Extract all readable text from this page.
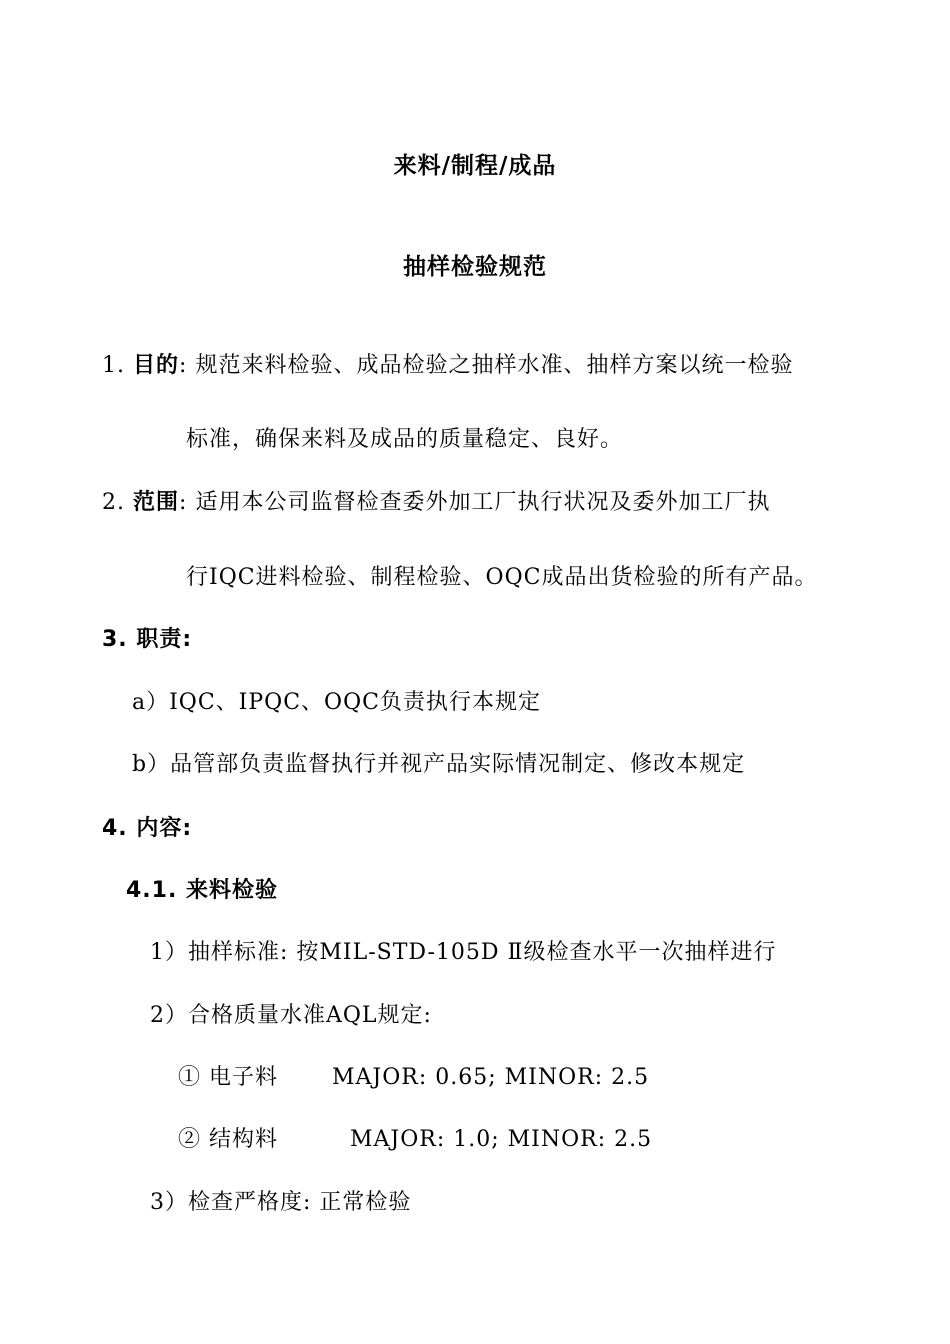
来料/制程/成品
抽样检验规范
1. 目的: 规范来料检验、成品检验之抽样水准、抽样方案以统一检验
标准，确保来料及成品的质量稳定、良好。
2. 范围: 适用本公司监督检查委外加工厂执行状况及委外加工厂执
行IQC进料检验、制程检验、OQC成品出货检验的所有产品。
3. 职责:
a）IQC、IPQC、OQC负责执行本规定
b）品管部负责监督执行并视产品实际情况制定、修改本规定
4. 内容:
4.1. 来料检验
1）抽样标准: 按MIL-STD-105D Ⅱ级检查水平一次抽样进行
2）合格质量水准AQL规定:
① 电子料 MAJOR: 0.65; MINOR: 2.5
② 结构料	MAJOR: 1.0; MINOR: 2.5
3）检查严格度: 正常检验
